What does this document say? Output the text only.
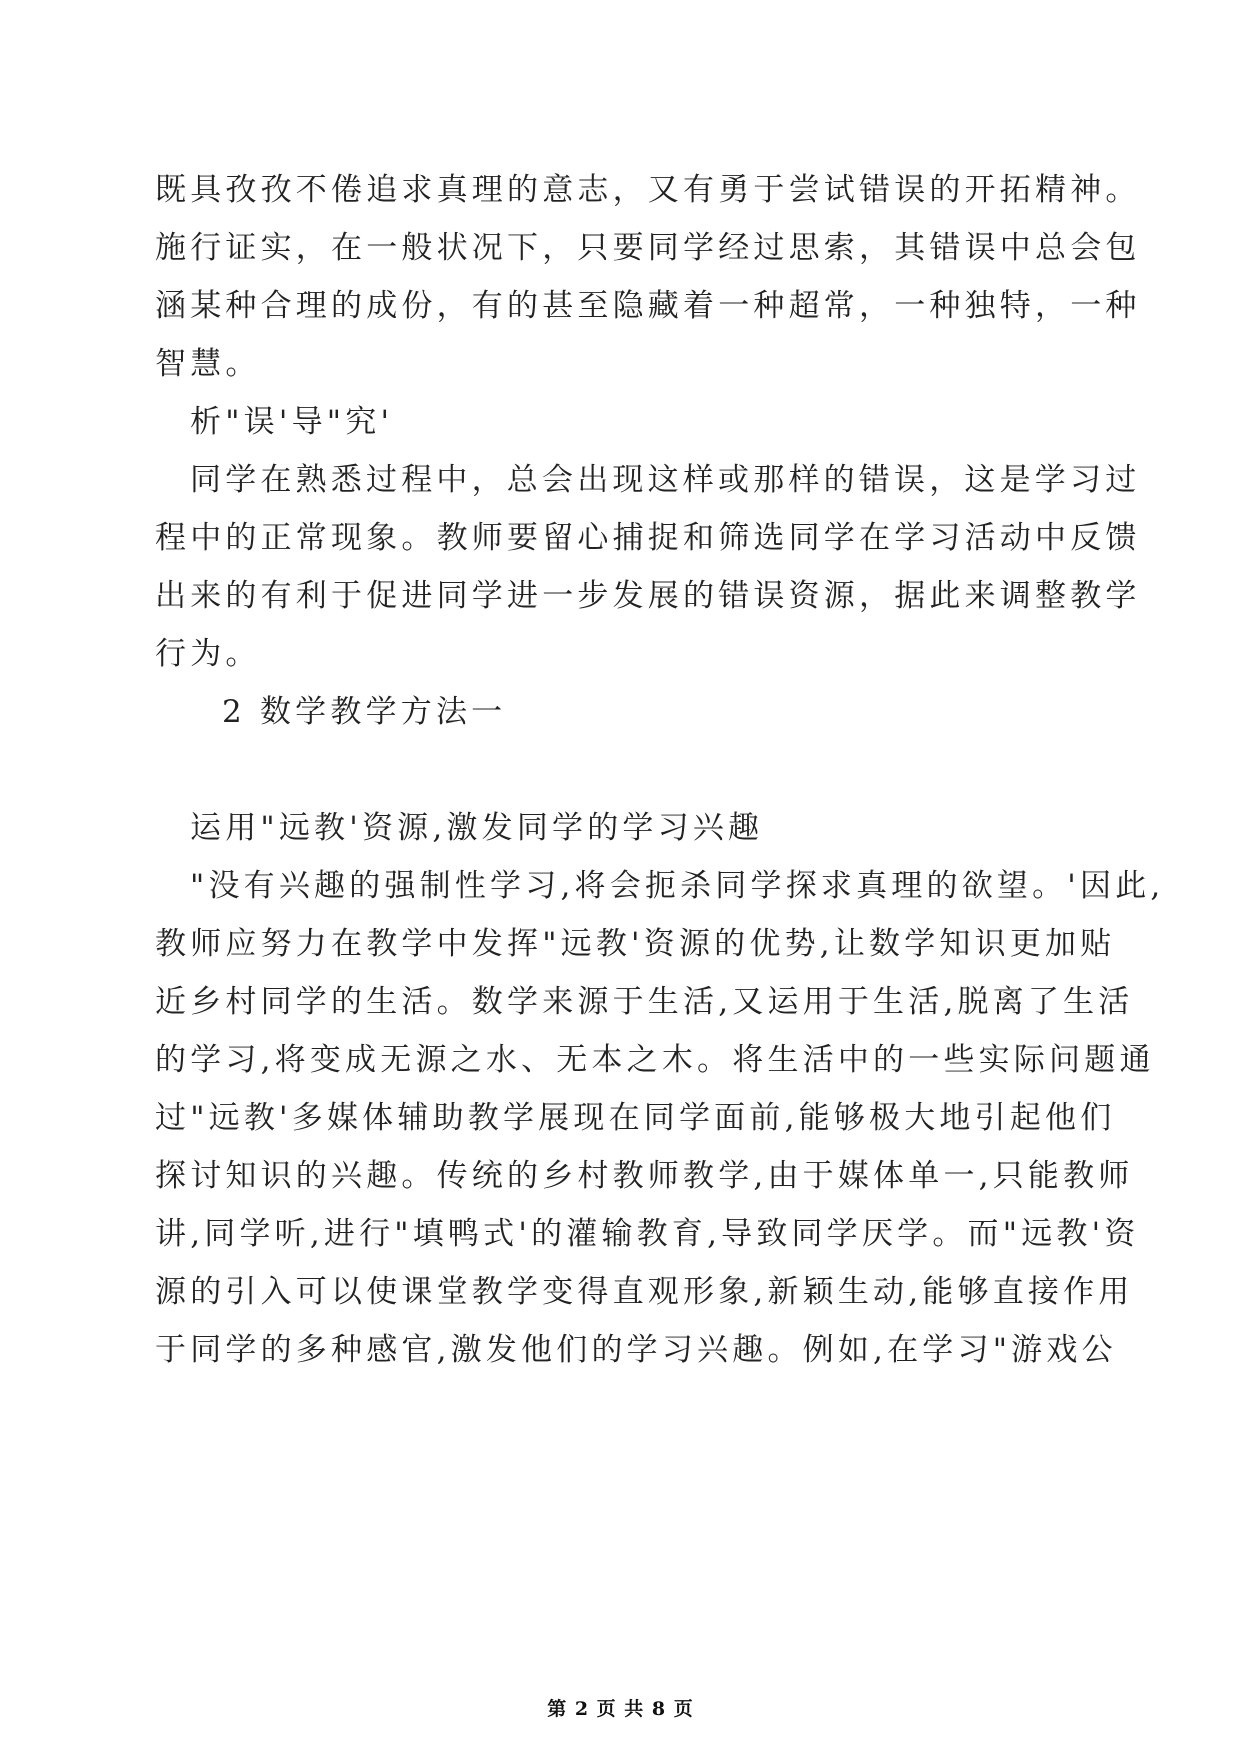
既具孜孜不倦追求真理的意志，又有勇于尝试错误的开拓精神。
施行证实，在一般状况下，只要同学经过思索，其错误中总会包
涵某种合理的成份，有的甚至隐藏着一种超常，一种独特，一种
智慧。
析"误'导"究'
同学在熟悉过程中，总会出现这样或那样的错误，这是学习过
程中的正常现象。教师要留心捕捉和筛选同学在学习活动中反馈
出来的有利于促进同学进一步发展的错误资源，据此来调整教学
行为。
2 数学教学方法一
运用"远教'资源,激发同学的学习兴趣
"没有兴趣的强制性学习,将会扼杀同学探求真理的欲望。'因此,
教师应努力在教学中发挥"远教'资源的优势,让数学知识更加贴
近乡村同学的生活。数学来源于生活,又运用于生活,脱离了生活
的学习,将变成无源之水、无本之木。将生活中的一些实际问题通
过"远教'多媒体辅助教学展现在同学面前,能够极大地引起他们
探讨知识的兴趣。传统的乡村教师教学,由于媒体单一,只能教师
讲,同学听,进行"填鸭式'的灌输教育,导致同学厌学。而"远教'资
源的引入可以使课堂教学变得直观形象,新颖生动,能够直接作用
于同学的多种感官,激发他们的学习兴趣。例如,在学习"游戏公
第 2 页 共 8 页
